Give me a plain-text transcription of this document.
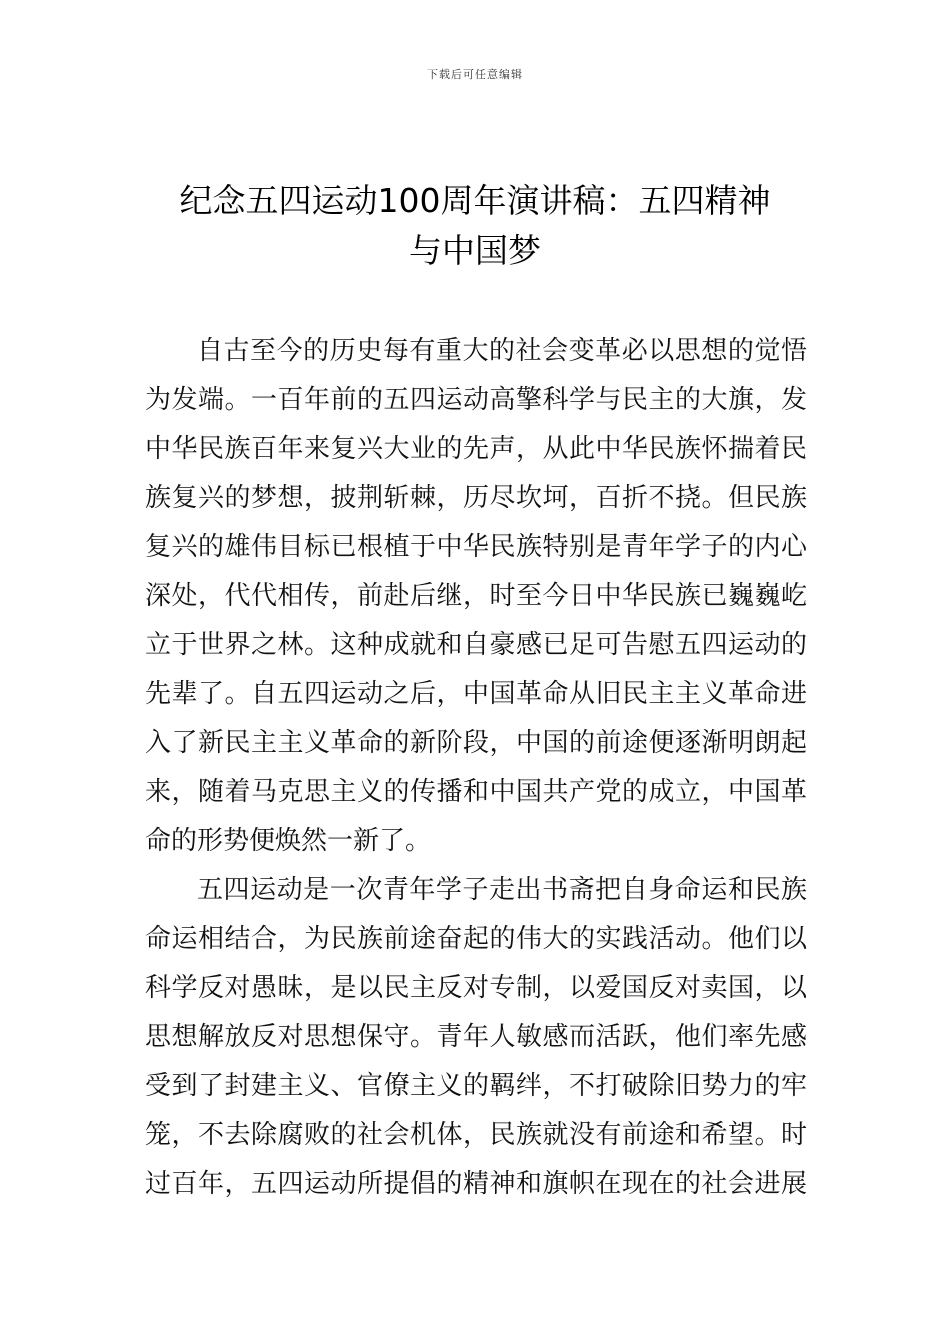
下载后可任意编辑
纪念五四运动100周年演讲稿：五四精神
与中国梦
自古至今的历史每有重大的社会变革必以思想的觉悟
为发端。一百年前的五四运动高擎科学与民主的大旗，发
中华民族百年来复兴大业的先声，从此中华民族怀揣着民
族复兴的梦想，披荆斩棘，历尽坎坷，百折不挠。但民族
复兴的雄伟目标已根植于中华民族特别是青年学子的内心
深处，代代相传，前赴后继，时至今日中华民族已巍巍屹
立于世界之林。这种成就和自豪感已足可告慰五四运动的
先辈了。自五四运动之后，中国革命从旧民主主义革命进
入了新民主主义革命的新阶段，中国的前途便逐渐明朗起
来，随着马克思主义的传播和中国共产党的成立，中国革
命的形势便焕然一新了。
五四运动是一次青年学子走出书斋把自身命运和民族
命运相结合，为民族前途奋起的伟大的实践活动。他们以
科学反对愚昧，是以民主反对专制，以爱国反对卖国，以
思想解放反对思想保守。青年人敏感而活跃，他们率先感
受到了封建主义、官僚主义的羁绊，不打破除旧势力的牢
笼，不去除腐败的社会机体，民族就没有前途和希望。时
过百年，五四运动所提倡的精神和旗帜在现在的社会进展
